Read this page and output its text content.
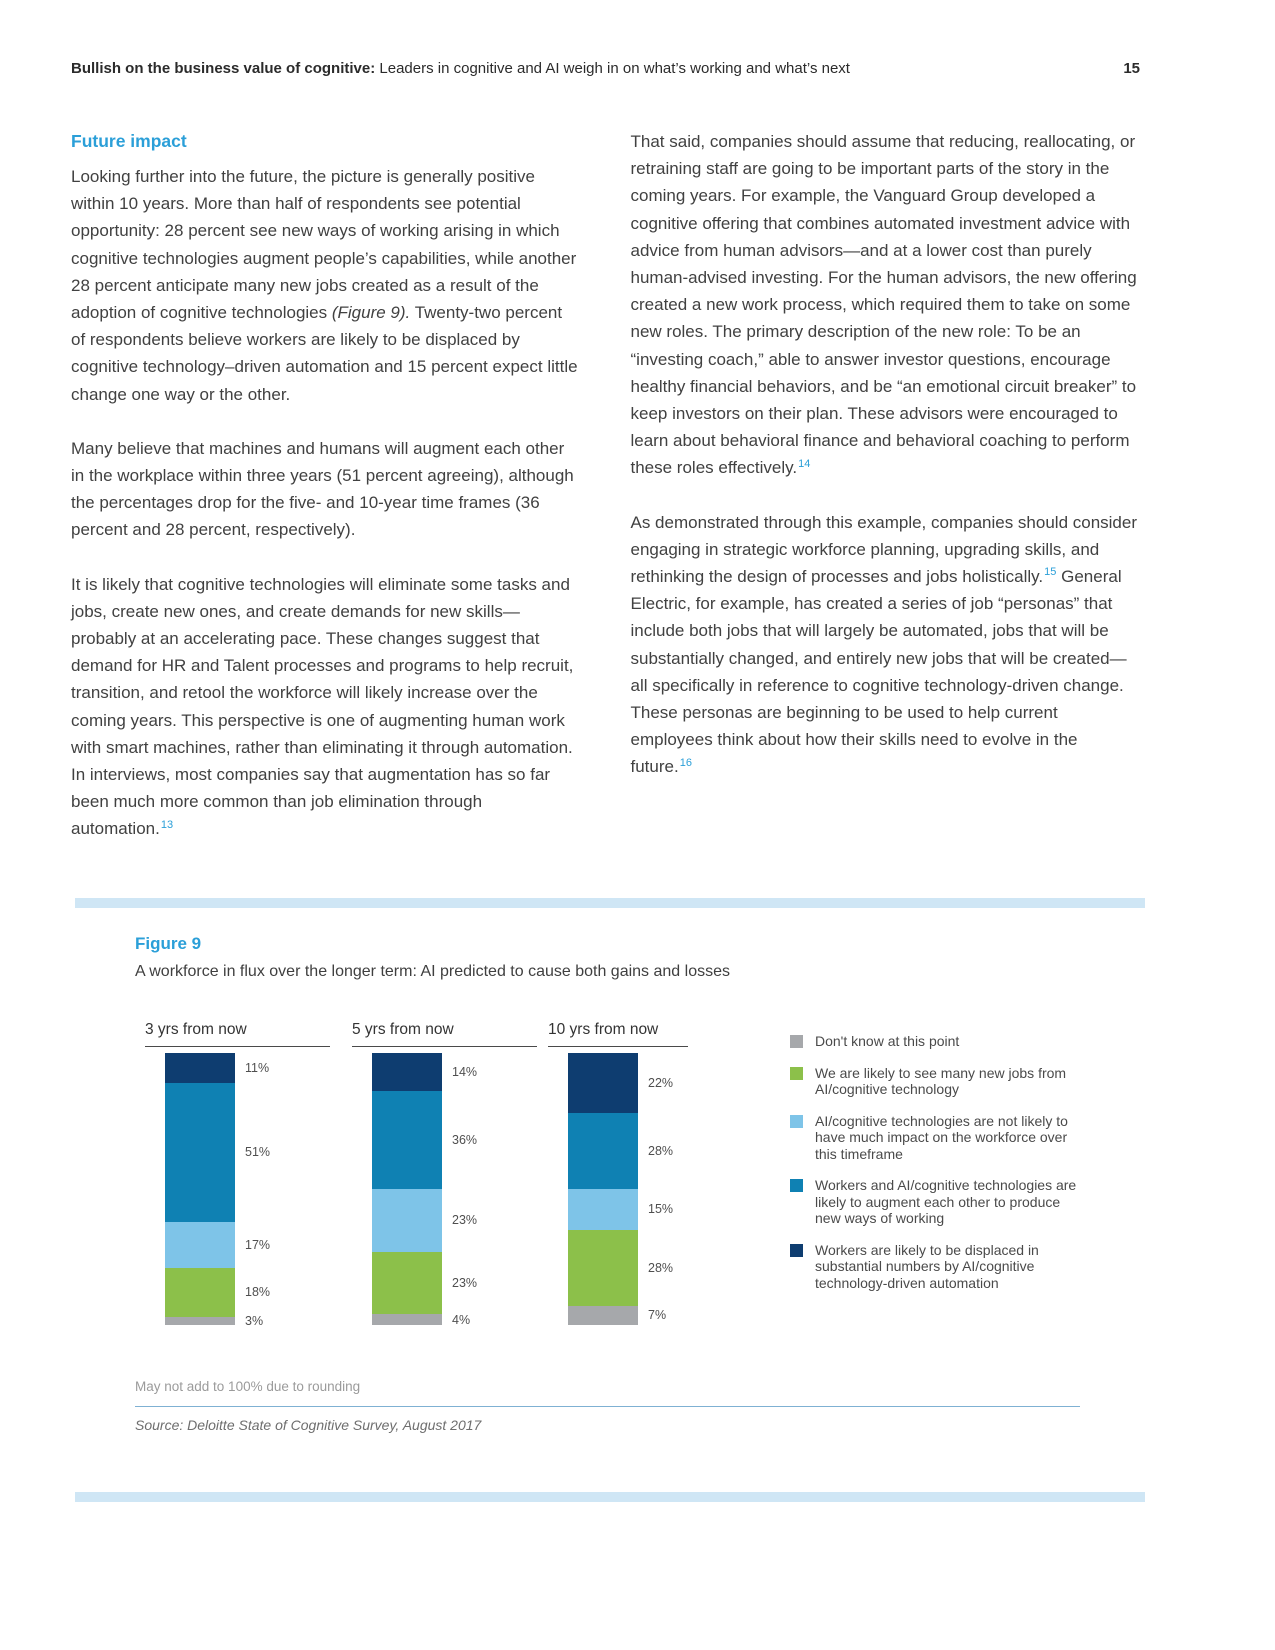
Bullish on the business value of cognitive: Leaders in cognitive and AI weigh in on what’s working and what’s next	15
Future impact

Looking further into the future, the picture is generally positive within 10 years. More than half of respondents see potential opportunity: 28 percent see new ways of working arising in which cognitive technologies augment people’s capabilities, while another 28 percent anticipate many new jobs created as a result of the adoption of cognitive technologies (Figure 9). Twenty-two percent of respondents believe workers are likely to be displaced by cognitive technology–driven automation and 15 percent expect little change one way or the other.

Many believe that machines and humans will augment each other in the workplace within three years (51 percent agreeing), although the percentages drop for the five- and 10-year time frames (36 percent and 28 percent, respectively).

It is likely that cognitive technologies will eliminate some tasks and jobs, create new ones, and create demands for new skills—probably at an accelerating pace. These changes suggest that demand for HR and Talent processes and programs to help recruit, transition, and retool the workforce will likely increase over the coming years. This perspective is one of augmenting human work with smart machines, rather than eliminating it through automation. In interviews, most companies say that augmentation has so far been much more common than job elimination through automation.$^{13}$

That said, companies should assume that reducing, reallocating, or retraining staff are going to be important parts of the story in the coming years. For example, the Vanguard Group developed a cognitive offering that combines automated investment advice with advice from human advisors—and at a lower cost than purely human-advised investing. For the human advisors, the new offering created a new work process, which required them to take on some new roles. The primary description of the new role: To be an “investing coach,” able to answer investor questions, encourage healthy financial behaviors, and be “an emotional circuit breaker” to keep investors on their plan. These advisors were encouraged to learn about behavioral finance and behavioral coaching to perform these roles effectively.$^{14}$

As demonstrated through this example, companies should consider engaging in strategic workforce planning, upgrading skills, and rethinking the design of processes and jobs holistically.$^{15}$ General Electric, for example, has created a series of job “personas” that include both jobs that will largely be automated, jobs that will be substantially changed, and entirely new jobs that will be created—all specifically in reference to cognitive technology-driven change. These personas are beginning to be used to help current employees think about how their skills need to evolve in the future.$^{16}$

Figure 9

A workforce in flux over the longer term: AI predicted to cause both gains and losses

3 yrs from now
11%
51%
17%
18%
3%
5 yrs from now
14%
36%
23%
23%
4%
10 yrs from now
22%
28%
15%
28%
7%
Don't know at this point
We are likely to see many new jobs from AI/cognitive technology
AI/cognitive technologies are not likely to have much impact on the workforce over this timeframe
Workers and AI/cognitive technologies are likely to augment each other to produce new ways of working
Workers are likely to be displaced in substantial numbers by AI/cognitive technology-driven automation

May not add to 100% due to rounding

Source: Deloitte State of Cognitive Survey, August 2017
